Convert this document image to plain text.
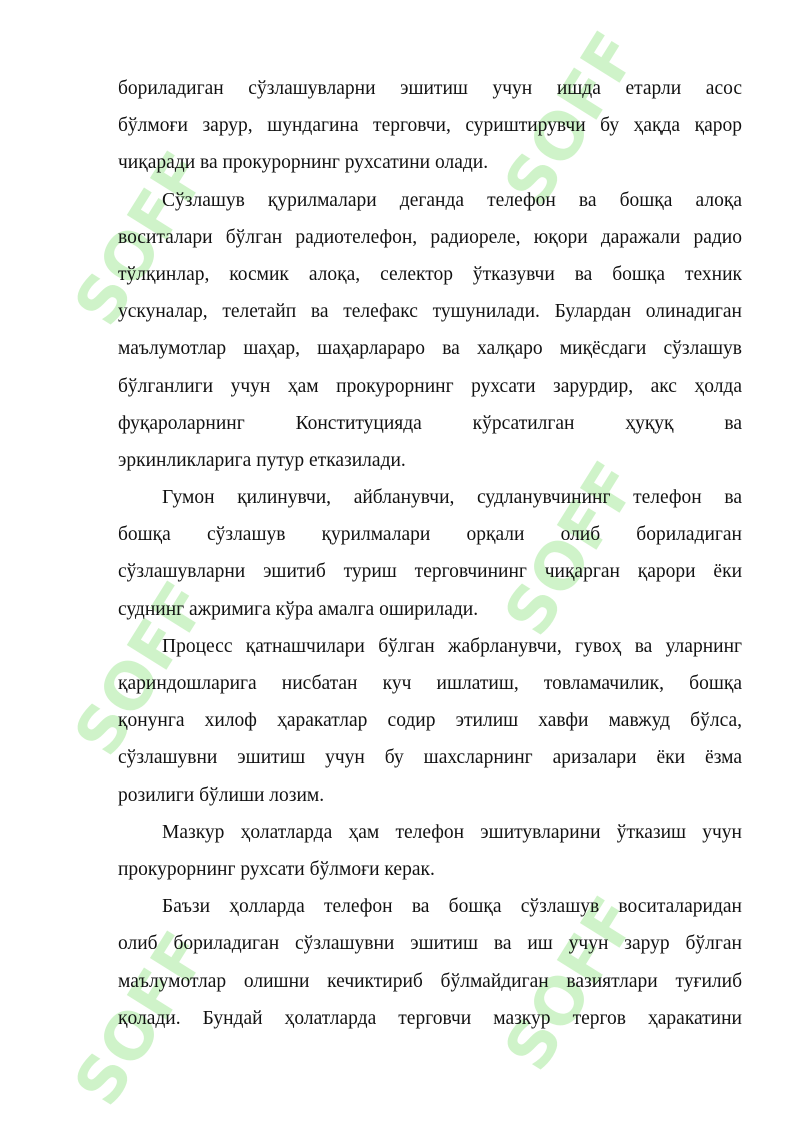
SOFF
SOFF
SOFF
SOFF
SOFF
SOFF
бориладиган сўзлашувларни эшитиш учун ишда етарли асос
бўлмоғи зарур, шундагина терговчи, суриштирувчи бу ҳақда қарор
чиқаради ва прокурорнинг рухсатини олади.
Сўзлашув қурилмалари деганда телефон ва бошқа алоқа
воситалари бўлган радиотелефон, радиореле, юқори даражали радио
тўлқинлар, космик алоқа, селектор ўтказувчи ва бошқа техник
ускуналар, телетайп ва телефакс тушунилади. Булардан олинадиган
маълумотлар шаҳар, шаҳарлараро ва халқаро миқёсдаги сўзлашув
бўлганлиги учун ҳам прокурорнинг рухсати зарурдир, акс ҳолда
фуқароларнинг Конституцияда кўрсатилган ҳуқуқ ва
эркинликларига путур етказилади.
Гумон қилинувчи, айбланувчи, судланувчининг телефон ва
бошқа сўзлашув қурилмалари орқали олиб бориладиган
сўзлашувларни эшитиб туриш терговчининг чиқарган қарори ёки
суднинг ажримига кўра амалга оширилади.
Процесс қатнашчилари бўлган жабрланувчи, гувоҳ ва уларнинг
қариндошларига нисбатан куч ишлатиш, товламачилик, бошқа
қонунга хилоф ҳаракатлар содир этилиш хавфи мавжуд бўлса,
сўзлашувни эшитиш учун бу шахсларнинг аризалари ёки ёзма
розилиги бўлиши лозим.
Мазкур ҳолатларда ҳам телефон эшитувларини ўтказиш учун
прокурорнинг рухсати бўлмоғи керак.
Баъзи ҳолларда телефон ва бошқа сўзлашув воситаларидан
олиб бориладиган сўзлашувни эшитиш ва иш учун зарур бўлган
маълумотлар олишни кечиктириб бўлмайдиган вазиятлари туғилиб
қолади. Бундай ҳолатларда терговчи мазкур тергов ҳаракатини
